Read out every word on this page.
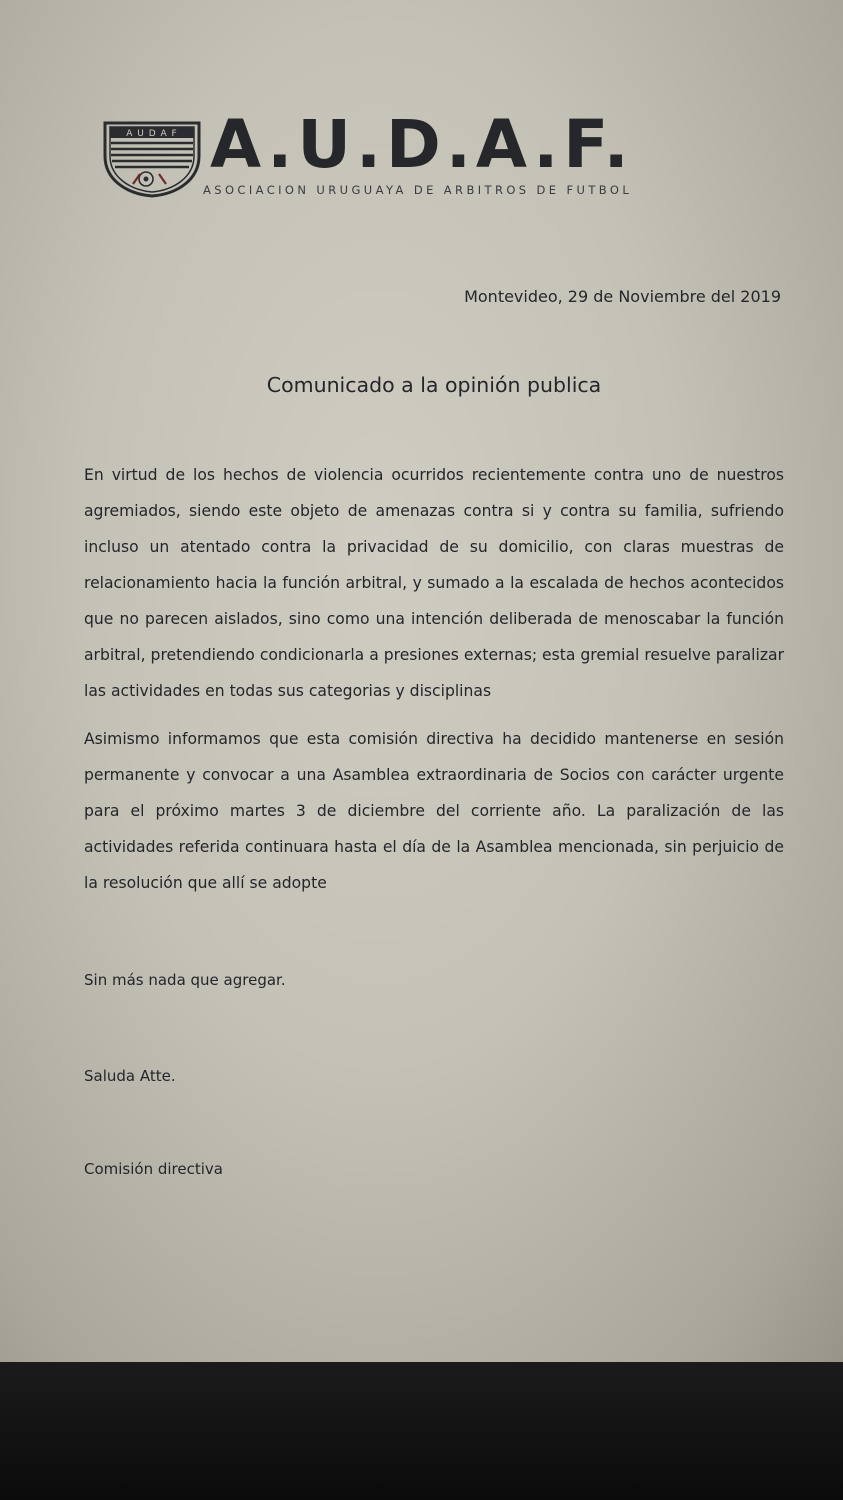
A U D A F A.U.D.A.F.
ASOCIACION URUGUAYA DE ARBITROS DE FUTBOL
Montevideo, 29 de Noviembre del 2019
Comunicado a la opinión publica

En virtud de los hechos de violencia ocurridos recientemente contra uno de nuestros agremiados, siendo este objeto de amenazas contra si y contra su familia, sufriendo incluso un atentado contra la privacidad de su domicilio, con claras muestras de relacionamiento hacia la función arbitral, y sumado a la escalada de hechos acontecidos que no parecen aislados, sino como una intención deliberada de menoscabar la función arbitral, pretendiendo condicionarla a presiones externas; esta gremial resuelve paralizar las actividades en todas sus categorias y disciplinas

Asimismo informamos que esta comisión directiva ha decidido mantenerse en sesión permanente y convocar a una Asamblea extraordinaria de Socios con carácter urgente para el próximo martes 3 de diciembre del corriente año. La paralización de las actividades referida continuara hasta el día de la Asamblea mencionada, sin perjuicio de la resolución que allí se adopte

Sin más nada que agregar.
Saluda Atte.
Comisión directiva
